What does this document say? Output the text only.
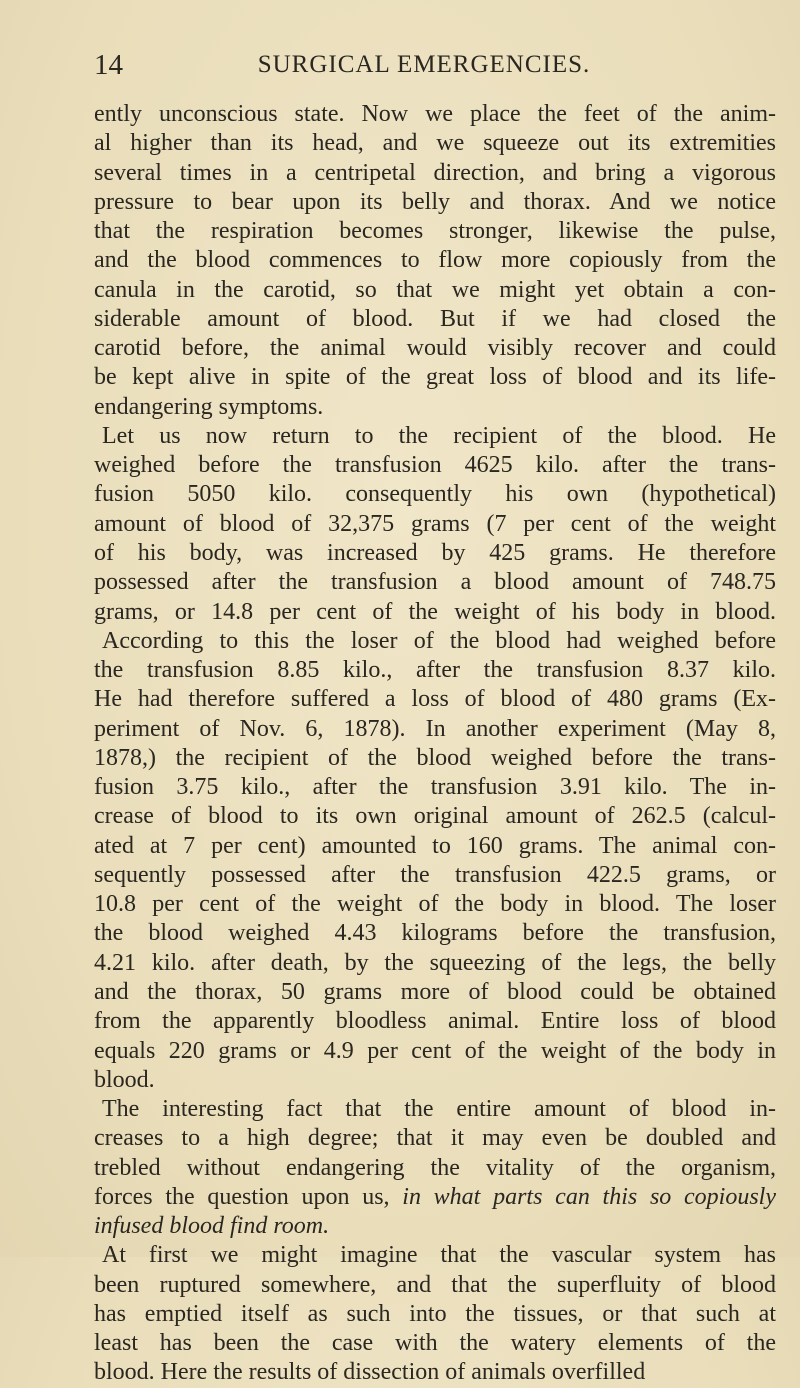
14	SURGICAL EMERGENCIES.
ently unconscious state. Now we place the feet of the anim-
al higher than its head, and we squeeze out its extremities
several times in a centripetal direction, and bring a vigorous
pressure to bear upon its belly and thorax. And we notice
that the respiration becomes stronger, likewise the pulse,
and the blood commences to flow more copiously from the
canula in the carotid, so that we might yet obtain a con-
siderable amount of blood. But if we had closed the
carotid before, the animal would visibly recover and could
be kept alive in spite of the great loss of blood and its life-
endangering symptoms.
Let us now return to the recipient of the blood. He
weighed before the transfusion 4625 kilo. after the trans-
fusion 5050 kilo. consequently his own (hypothetical)
amount of blood of 32,375 grams (7 per cent of the weight
of his body, was increased by 425 grams. He therefore
possessed after the transfusion a blood amount of 748.75
grams, or 14.8 per cent of the weight of his body in blood.
According to this the loser of the blood had weighed before
the transfusion 8.85 kilo., after the transfusion 8.37 kilo.
He had therefore suffered a loss of blood of 480 grams (Ex-
periment of Nov. 6, 1878). In another experiment (May 8,
1878,) the recipient of the blood weighed before the trans-
fusion 3.75 kilo., after the transfusion 3.91 kilo. The in-
crease of blood to its own original amount of 262.5 (calcul-
ated at 7 per cent) amounted to 160 grams. The animal con-
sequently possessed after the transfusion 422.5 grams, or
10.8 per cent of the weight of the body in blood. The loser
the blood weighed 4.43 kilograms before the transfusion,
4.21 kilo. after death, by the squeezing of the legs, the belly
and the thorax, 50 grams more of blood could be obtained
from the apparently bloodless animal. Entire loss of blood
equals 220 grams or 4.9 per cent of the weight of the body in
blood.
The interesting fact that the entire amount of blood in-
creases to a high degree; that it may even be doubled and
trebled without endangering the vitality of the organism,
forces the question upon us, in what parts can this so copiously
infused blood find room.
At first we might imagine that the vascular system has
been ruptured somewhere, and that the superfluity of blood
has emptied itself as such into the tissues, or that such at
least has been the case with the watery elements of the
blood. Here the results of dissection of animals overfilled
